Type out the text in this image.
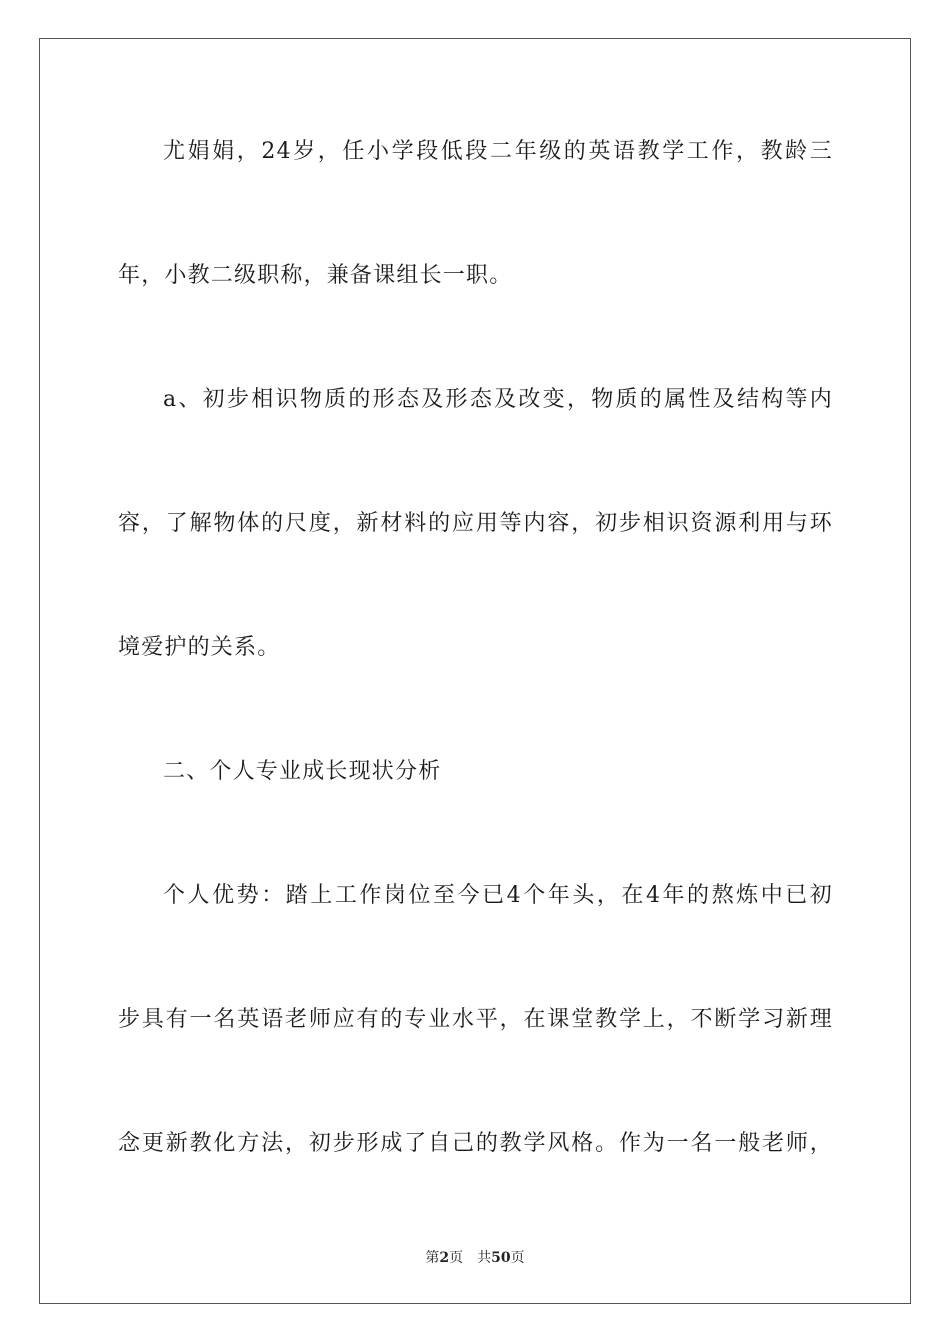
尤娟娟，24岁，任小学段低段二年级的英语教学工作，教龄三
年，小教二级职称，兼备课组长一职。
a、初步相识物质的形态及形态及改变，物质的属性及结构等内
容，了解物体的尺度，新材料的应用等内容，初步相识资源利用与环
境爱护的关系。
二、个人专业成长现状分析
个人优势：踏上工作岗位至今已4个年头，在4年的熬炼中已初
步具有一名英语老师应有的专业水平，在课堂教学上，不断学习新理
念更新教化方法，初步形成了自己的教学风格。作为一名一般老师，
第2页 共50页
